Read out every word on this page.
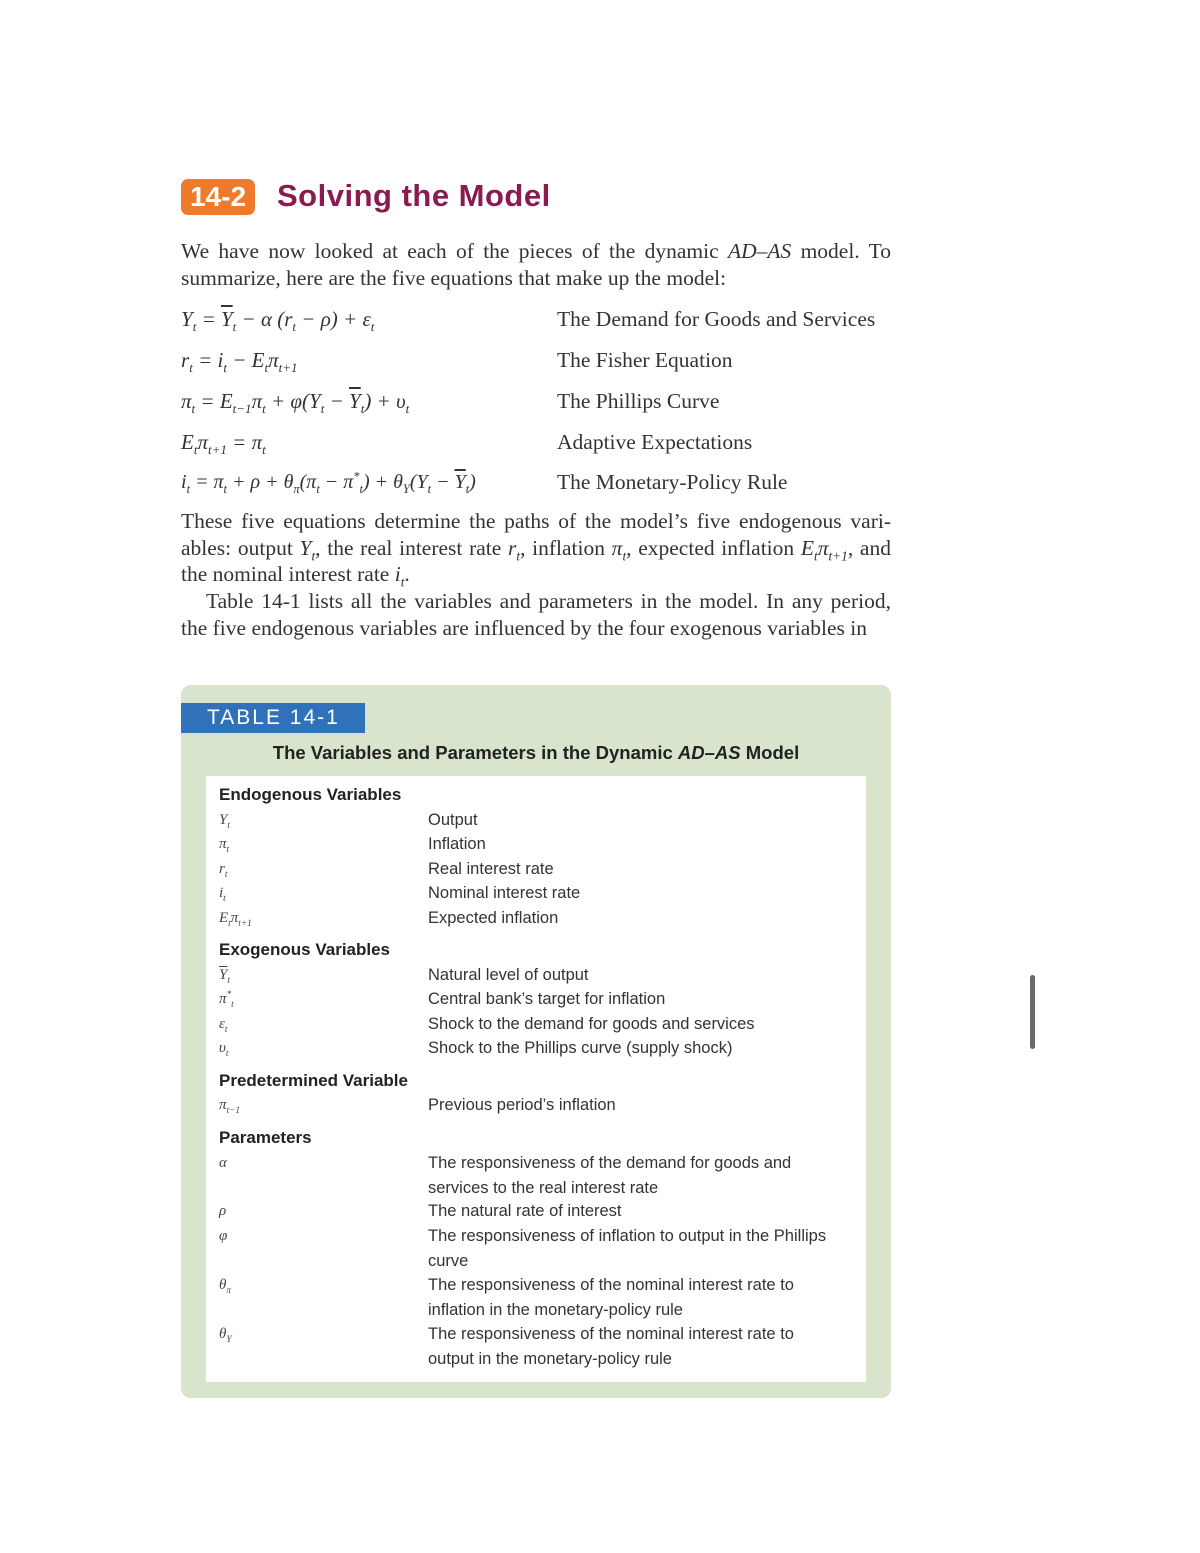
14-2 Solving the Model
We have now looked at each of the pieces of the dynamic AD–AS model. To summarize, here are the five equations that make up the model:
$Y_t = \overline{Y}_t - \alpha$ $(r_t - \rho) + \varepsilon_t$	The Demand for Goods and Services
$r_t = i_t - E_t\pi_{t+1}$	The Fisher Equation
$\pi_t = E_{t-1}\pi_t + \varphi(Y_t - \overline{Y}_t) + \upsilon_t$	The Phillips Curve
$E_t\pi_{t+1} = \pi_t$	Adaptive Expectations
$i_t = \pi_t + \rho + \theta_\pi(\pi_t - \pi^*_t) + \theta_Y(Y_t - \overline{Y}_t)$	The Monetary-Policy Rule
These five equations determine the paths of the model’s five endogenous vari-ables: output $Y_t$, the real interest rate $r_t$, inflation $\pi_t$, expected inflation $E_t\pi_{t+1}$, and the nominal interest rate $i_t$.
Table 14-1 lists all the variables and parameters in the model. In any period, the five endogenous variables are influenced by the four exogenous variables in
TABLE 14-1
The Variables and Parameters in the Dynamic AD–AS Model
Endogenous Variables
$Y_t$	Output
$\pi_t$	Inflation
$r_t$	Real interest rate
$i_t$	Nominal interest rate
$E_t\pi_{t+1}$	Expected inflation
Exogenous Variables
$\overline{Y}_t$	Natural level of output
$\pi^*_t$	Central bank’s target for inflation
$\varepsilon_t$	Shock to the demand for goods and services
$\upsilon_t$	Shock to the Phillips curve (supply shock)
Predetermined Variable
$\pi_{t-1}$	Previous period’s inflation
Parameters
α	The responsiveness of the demand for goods and services to the real interest rate
ρ	The natural rate of interest
φ	The responsiveness of inflation to output in the Phillips curve
$\theta_\pi$	The responsiveness of the nominal interest rate to inflation in the monetary-policy rule
$\theta_Y$	The responsiveness of the nominal interest rate to output in the monetary-policy rule
